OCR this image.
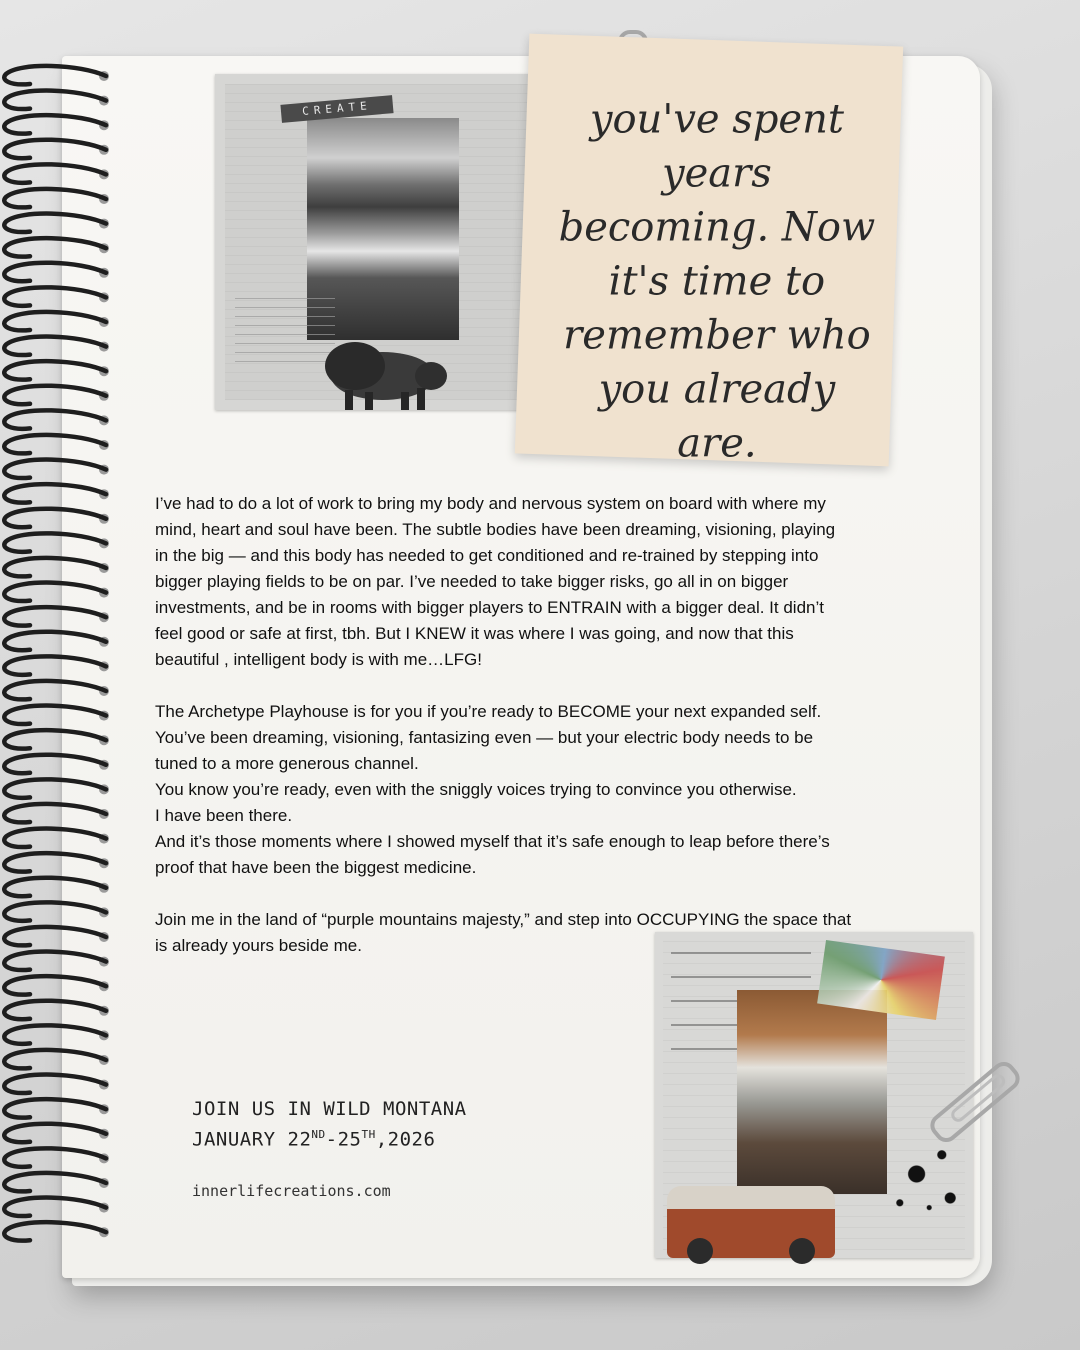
CREATE	you've spent years becoming. Now it's time to remember who you already are.

I’ve had to do a lot of work to bring my body and nervous system on board with where my
mind, heart and soul have been. The subtle bodies have been dreaming, visioning, playing
in the big — and this body has needed to get conditioned and re-trained by stepping into
bigger playing fields to be on par. I’ve needed to take bigger risks, go all in on bigger
investments, and be in rooms with bigger players to ENTRAIN with a bigger deal. It didn’t
feel good or safe at first, tbh. But I KNEW it was where I was going, and now that this
beautiful , intelligent body is with me…LFG!

The Archetype Playhouse is for you if you’re ready to BECOME your next expanded self.
You’ve been dreaming, visioning, fantasizing even — but your electric body needs to be
tuned to a more generous channel.
You know you’re ready, even with the sniggly voices trying to convince you otherwise.
I have been there.
And it’s those moments where I showed myself that it’s safe enough to leap before there’s
proof that have been the biggest medicine.

Join me in the land of “purple mountains majesty,” and step into OCCUPYING the space that
is already yours beside me.

JOIN US IN WILD MONTANA
JANUARY 22ND-25TH,2026
innerlifecreations.com
